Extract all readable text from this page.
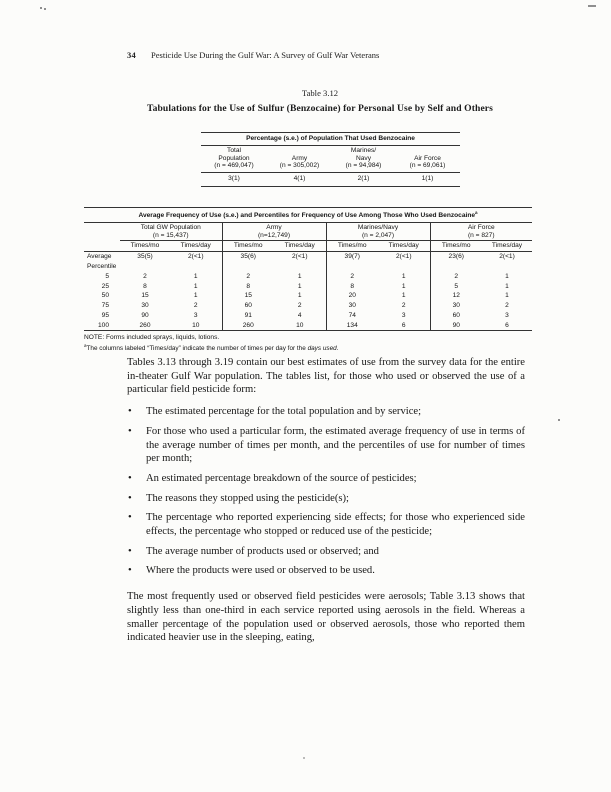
34 Pesticide Use During the Gulf War: A Survey of Gulf War Veterans
Table 3.12
Tabulations for the Use of Sulfur (Benzocaine) for Personal Use by Self and Others
Percentage (s.e.) of Population That Used Benzocaine			

Total
Population
(n = 469,047)

Army
(n = 305,002)

Marines/
Navy
(n = 94,984)

Air Force
(n = 69,061)

3(1)	4(1)	2(1)	1(1)
Average Frequency of Use (s.e.) and Percentiles for Frequency of Use Among Those Who Used Benzocaine$^a$

Total GW Population
(n = 15,437)

Army
(n=12,749)

Marines/Navy
(n = 2,047)

Air Force
(n = 827)

	Times/mo	Times/day	Times/mo	Times/day	Times/mo	Times/day	Times/mo	Times/day
Average	35(5)	2(<1)	35(6)	2(<1)	39(7)	2(<1)	23(6)	2(<1)
Percentile								
5	2	1	2	1	2	1	2	1
25	8	1	8	1	8	1	5	1
50	15	1	15	1	20	1	12	1
75	30	2	60	2	30	2	30	2
95	90	3	91	4	74	3	60	3
100	260	10	260	10	134	6	90	6
NOTE: Forms included sprays, liquids, lotions.
$^a$The columns labeled “Times/day” indicate the number of times per day for the days used.

Tables 3.13 through 3.19 contain our best estimates of use from the survey data for the entire in-theater Gulf War population. The tables list, for those who used or observed the use of a particular field pesticide form:

• The estimated percentage for the total population and by service;
• For those who used a particular form, the estimated average frequency of use in terms of the average number of times per month, and the percentiles of use for number of times per month;
• An estimated percentage breakdown of the source of pesticides;
• The reasons they stopped using the pesticide(s);
• The percentage who reported experiencing side effects; for those who experienced side effects, the percentage who stopped or reduced use of the pesticide;
• The average number of products used or observed; and
• Where the products were used or observed to be used.

The most frequently used or observed field pesticides were aerosols; Table 3.13 shows that slightly less than one-third in each service reported using aerosols in the field. Whereas a smaller percentage of the population used or observed aerosols, those who reported them indicated heavier use in the sleeping, eating,
